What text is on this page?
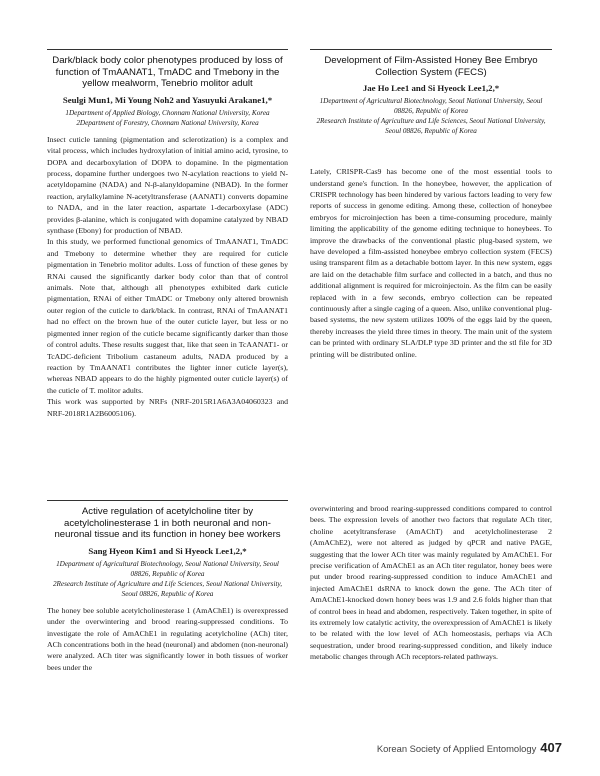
Dark/black body color phenotypes produced by loss of function of TmAANAT1, TmADC and Tmebony in the yellow mealworm, Tenebrio molitor adult

Seulgi Mun1, Mi Young Noh2 and Yasuyuki Arakane1,*

1Department of Applied Biology, Chonnam National University, Korea

2Department of Forestry, Chonnam National University, Korea

Insect cuticle tanning (pigmentation and sclerotization) is a complex and vital process, which includes hydroxylation of initial amino acid, tyrosine, to DOPA and decarboxylation of DOPA to dopamine. In the pigmentation process, dopamine further undergoes two N-acylation reactions to yield N-acetyldopamine (NADA) and N-β-alanyldopamine (NBAD). In the former reaction, arylalkylamine N-acetyltransferase (AANAT1) converts dopamine to NADA, and in the later reaction, aspartate 1-decarboxylase (ADC) provides β-alanine, which is conjugated with dopamine catalyzed by NBAD synthase (Ebony) for production of NBAD.

In this study, we performed functional genomics of TmAANAT1, TmADC and Tmebony to determine whether they are required for cuticle pigmentation in Tenebrio molitor adults. Loss of function of these genes by RNAi caused the significantly darker body color than that of control animals. Note that, although all phenotypes exhibited dark cuticle pigmentation, RNAi of either TmADC or Tmebony only altered brownish outer region of the cuticle to dark/black. In contrast, RNAi of TmAANAT1 had no effect on the brown hue of the outer cuticle layer, but less or no pigmented inner region of the cuticle became significantly darker than those of control adults. These results suggest that, like that seen in TcAANAT1- or TcADC-deficient Tribolium castaneum adults, NADA produced by a reaction by TmAANAT1 contributes the lighter inner cuticle layer(s), whereas NBAD appears to do the highly pigmented outer cuticle layer(s) of the cuticle of T. molitor adults.

This work was supported by NRFs (NRF-2015R1A6A3A04060323 and NRF-2018R1A2B6005106).

Development of Film-Assisted Honey Bee Embryo Collection System (FECS)

Jae Ho Lee1 and Si Hyeock Lee1,2,*

1Department of Agricultural Biotechnology, Seoul National University, Seoul 08826, Republic of Korea

2Research Institute of Agriculture and Life Sciences, Seoul National University, Seoul 08826, Republic of Korea

Lately, CRISPR-Cas9 has become one of the most essential tools to understand gene's function. In the honeybee, however, the application of CRISPR technology has been hindered by various factors leading to very few reports of success in genome editing. Among these, collection of honeybee embryos for microinjection has been a time-consuming procedure, mainly limiting the applicability of the genome editing technique to honeybees. To improve the drawbacks of the conventional plastic plug-based system, we have developed a film-assisted honeybee embryo collection system (FECS) using transparent film as a detachable bottom layer. In this new system, eggs are laid on the detachable film surface and collected in a batch, and thus no additional alignment is required for microinjectoin. As the film can be easily replaced with in a few seconds, embryo collection can be repeated continuously after a single caging of a queen. Also, unlike conventional plug-based systems, the new system utilizes 100% of the eggs laid by the queen, thereby increases the yield three times in theory. The main unit of the system can be printed with ordinary SLA/DLP type 3D printer and the stl file for 3D printing will be distributed online.

Active regulation of acetylcholine titer by acetylcholinesterase 1 in both neuronal and non-neuronal tissue and its function in honey bee workers

Sang Hyeon Kim1 and Si Hyeock Lee1,2,*

1Department of Agricultural Biotechnology, Seoul National University, Seoul 08826, Republic of Korea

2Research Institute of Agriculture and Life Sciences, Seoul National University, Seoul 08826, Republic of Korea

The honey bee soluble acetylcholinesterase 1 (AmAChE1) is overexpressed under the overwintering and brood rearing-suppressed conditions. To investigate the role of AmAChE1 in regulating acetylcholine (ACh) titer, ACh concentrations both in the head (neuronal) and abdomen (non-neuronal) were analyzed. ACh titer was significantly lower in both tissues of worker bees under the

overwintering and brood rearing-suppressed conditions compared to control bees. The expression levels of another two factors that regulate ACh titer, choline acetyltransferase (AmAChT) and acetylcholinesterase 2 (AmAChE2), were not altered as judged by qPCR and native PAGE, suggesting that the lower ACh titer was mainly regulated by AmAChE1. For precise verification of AmAChE1 as an ACh titer regulator, honey bees were put under brood rearing-suppressed condition to induce AmAChE1 and injected AmAChE1 dsRNA to knock down the gene. The ACh titer of AmAChE1-knocked down honey bees was 1.9 and 2.6 folds higher than that of control bees in head and abdomen, respectively. Taken together, in spite of its extremely low catalytic activity, the overexpression of AmAChE1 is likely to be related with the low level of ACh homeostasis, perhaps via ACh sequestration, under brood rearing-suppressed condition, and likely induce metabolic changes through ACh receptors-related pathways.

Korean Society of Applied Entomology 407
